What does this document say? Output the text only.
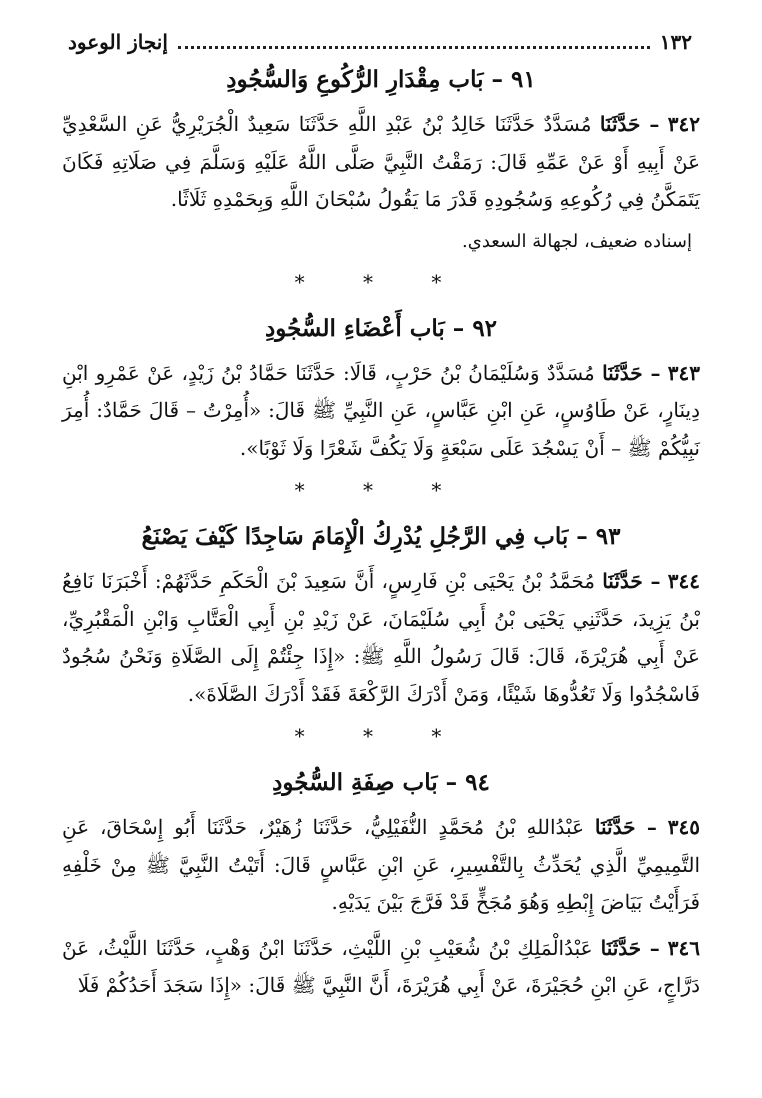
١٣٢
إنجاز الوعود
٩١ – بَاب مِقْدَارِ الرُّكُوعِ وَالسُّجُودِ

٣٤٢ – حَدَّثَنَا مُسَدَّدٌ حَدَّثَنَا خَالِدُ بْنُ عَبْدِ اللَّهِ حَدَّثَنَا سَعِيدٌ الْجُرَيْرِيُّ عَنِ السَّعْدِيِّ عَنْ أَبِيهِ أَوْ عَنْ عَمِّهِ قَالَ: رَمَقْتُ النَّبِيَّ صَلَّى اللَّهُ عَلَيْهِ وَسَلَّمَ فِي صَلَاتِهِ فَكَانَ يَتَمَكَّنُ فِي رُكُوعِهِ وَسُجُودِهِ قَدْرَ مَا يَقُولُ سُبْحَانَ اللَّهِ وَبِحَمْدِهِ ثَلَاثًا.

إسناده ضعيف، لجهالة السعدي.
* * *
٩٢ – بَاب أَعْضَاءِ السُّجُودِ

٣٤٣ – حَدَّثَنَا مُسَدَّدٌ وَسُلَيْمَانُ بْنُ حَرْبٍ، قَالَا: حَدَّثَنَا حَمَّادُ بْنُ زَيْدٍ، عَنْ عَمْرِو ابْنِ دِينَارٍ، عَنْ طَاوُسٍ، عَنِ ابْنِ عَبَّاسٍ، عَنِ النَّبِيِّ ﷺ قَالَ: «أُمِرْتُ – قَالَ حَمَّادٌ: أُمِرَ نَبِيُّكُمْ ﷺ – أَنْ يَسْجُدَ عَلَى سَبْعَةٍ وَلَا يَكُفَّ شَعْرًا وَلَا ثَوْبًا».

* * *
٩٣ – بَاب فِي الرَّجُلِ يُدْرِكُ الْإِمَامَ سَاجِدًا كَيْفَ يَصْنَعُ

٣٤٤ – حَدَّثَنَا مُحَمَّدُ بْنُ يَحْيَى بْنِ فَارِسٍ، أَنَّ سَعِيدَ بْنَ الْحَكَمِ حَدَّثَهُمْ: أَخْبَرَنَا نَافِعُ بْنُ يَزِيدَ، حَدَّثَنِي يَحْيَى بْنُ أَبِي سُلَيْمَانَ، عَنْ زَيْدِ بْنِ أَبِي الْعَتَّابِ وَابْنِ الْمَقْبُرِيِّ، عَنْ أَبِي هُرَيْرَةَ، قَالَ: قَالَ رَسُولُ اللَّهِ ﷺ: «إِذَا جِئْتُمْ إِلَى الصَّلَاةِ وَنَحْنُ سُجُودٌ فَاسْجُدُوا وَلَا تَعُدُّوهَا شَيْئًا، وَمَنْ أَدْرَكَ الرَّكْعَةَ فَقَدْ أَدْرَكَ الصَّلَاةَ».

* * *
٩٤ – بَاب صِفَةِ السُّجُودِ

٣٤٥ – حَدَّثَنَا عَبْدُاللهِ بْنُ مُحَمَّدٍ النُّفَيْلِيُّ، حَدَّثَنَا زُهَيْرٌ، حَدَّثَنَا أَبُو إِسْحَاقَ، عَنِ التَّمِيمِيِّ الَّذِي يُحَدِّثُ بِالتَّفْسِيرِ، عَنِ ابْنِ عَبَّاسٍ قَالَ: أَتَيْتُ النَّبِيَّ ﷺ مِنْ خَلْفِهِ فَرَأَيْتُ بَيَاضَ إِبْطِهِ وَهُوَ مُجَخٍّ قَدْ فَرَّجَ بَيْنَ يَدَيْهِ.

٣٤٦ – حَدَّثَنَا عَبْدُالْمَلِكِ بْنُ شُعَيْبِ بْنِ اللَّيْثِ، حَدَّثَنَا ابْنُ وَهْبٍ، حَدَّثَنَا اللَّيْثُ، عَنْ دَرَّاجٍ، عَنِ ابْنِ حُجَيْرَةَ، عَنْ أَبِي هُرَيْرَةَ، أَنَّ النَّبِيَّ ﷺ قَالَ: «إِذَا سَجَدَ أَحَدُكُمْ فَلَا
